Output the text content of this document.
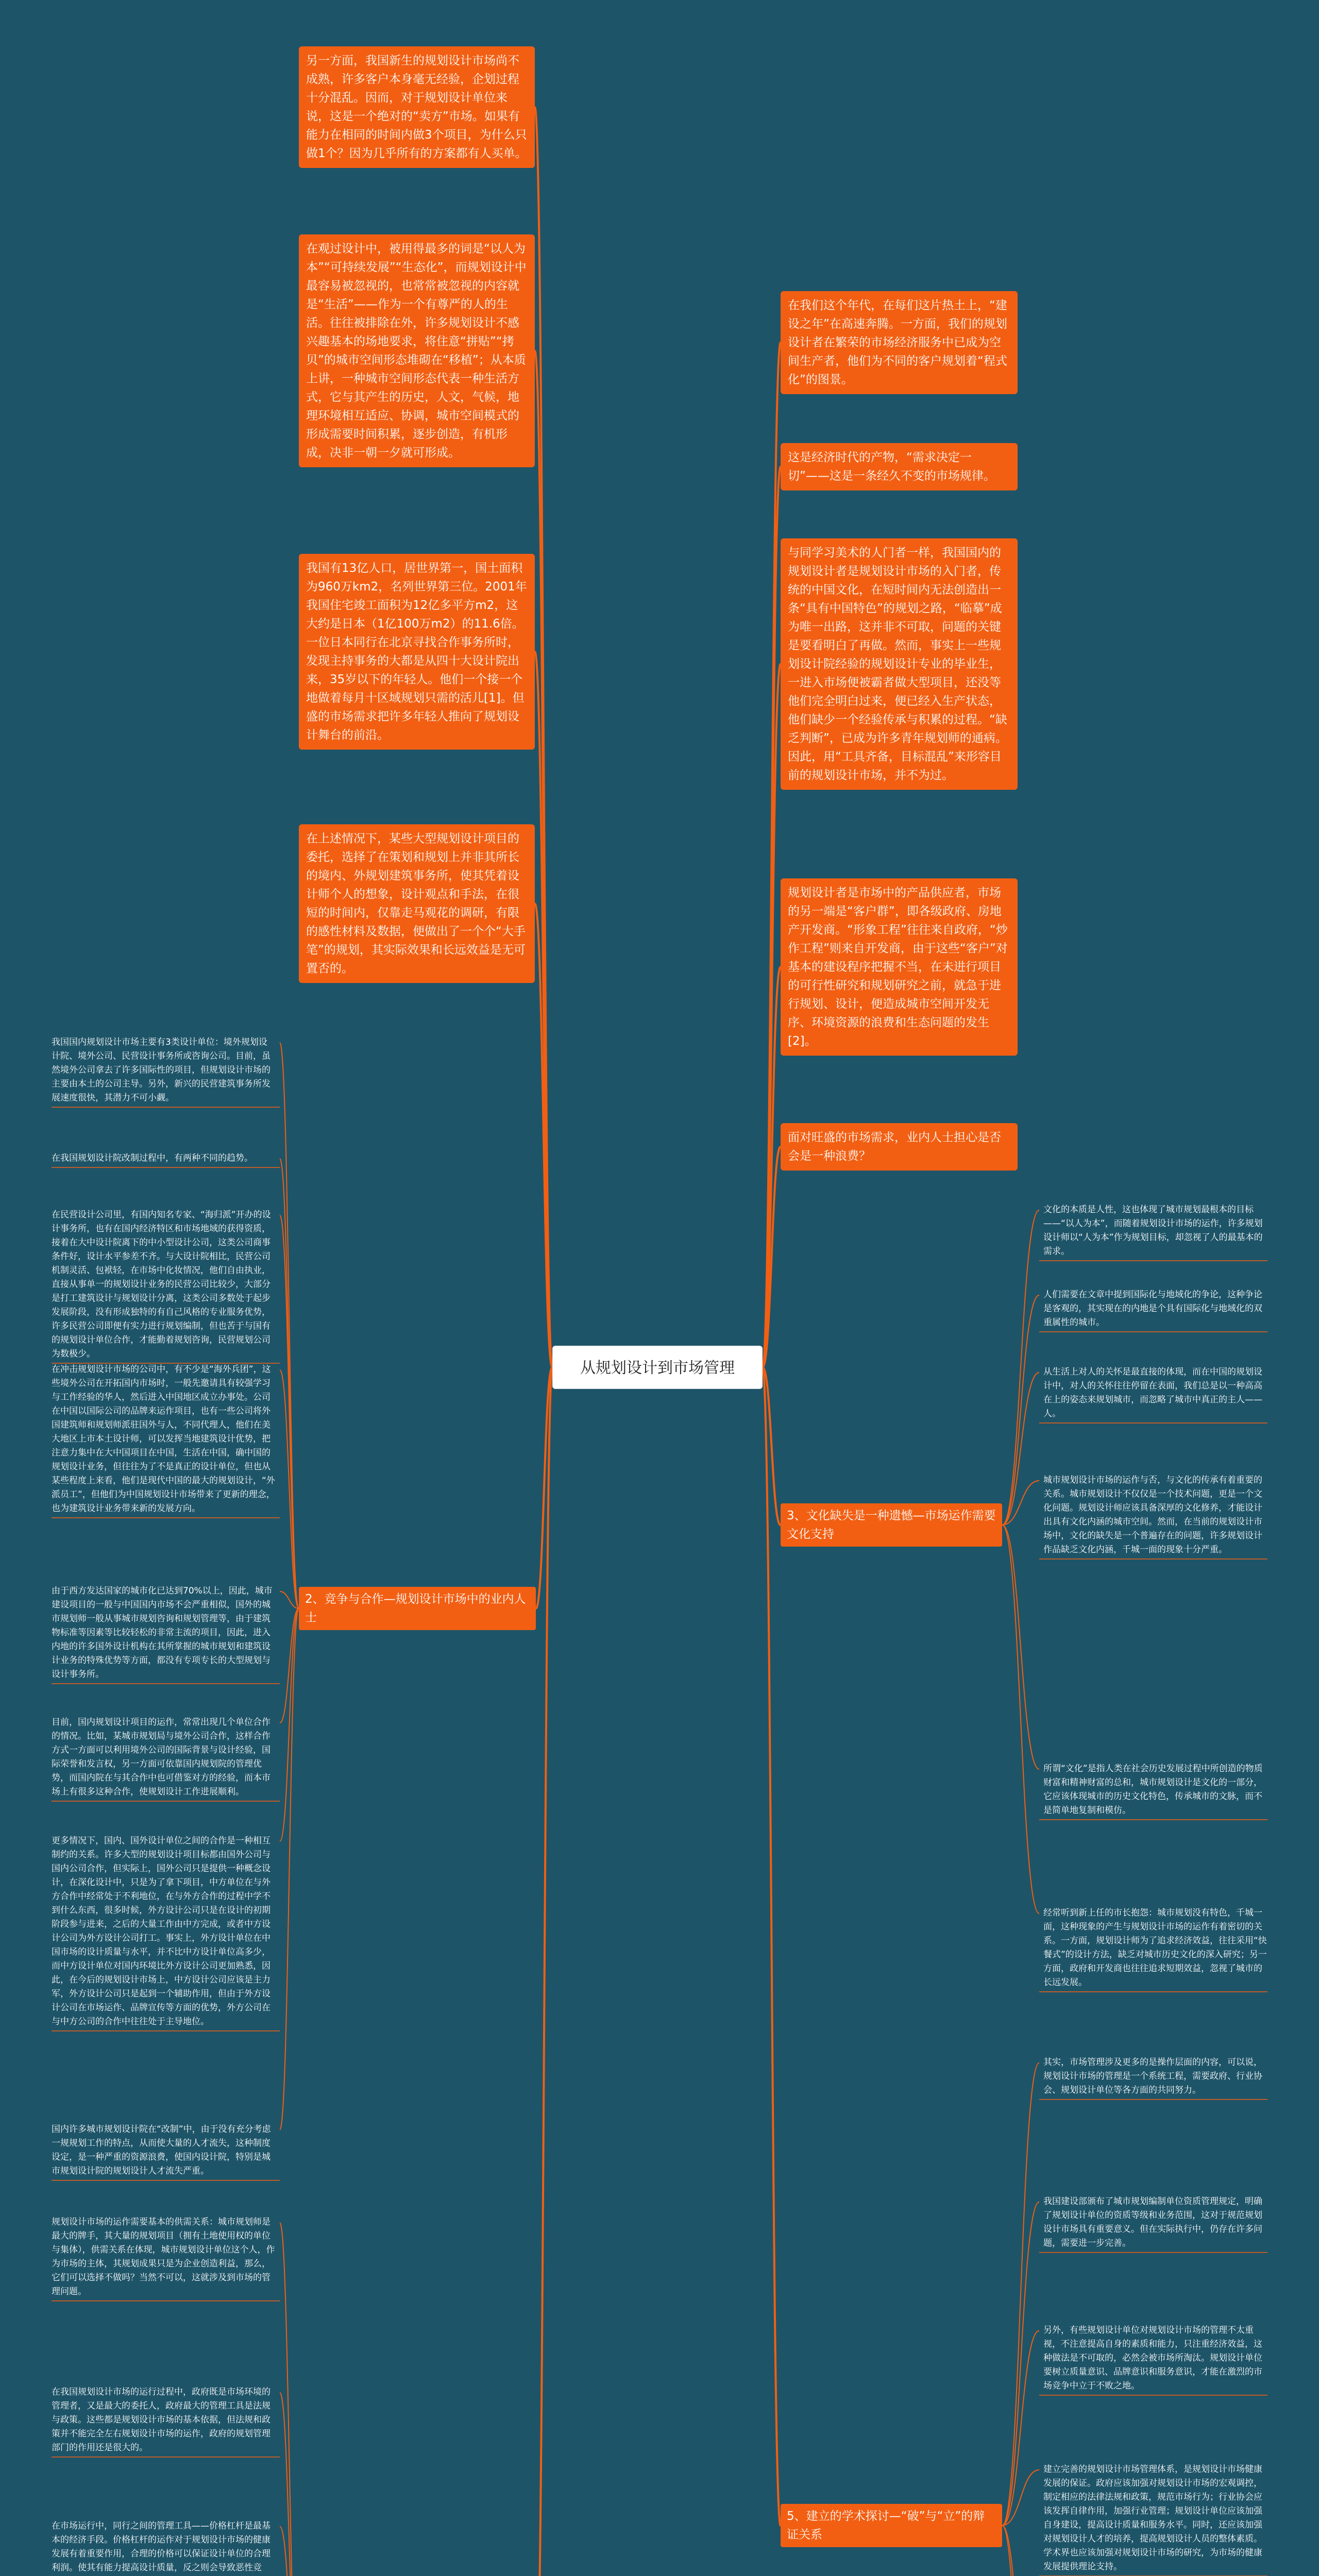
从规划设计到市场管理
另一方面，我国新生的规划设计市场尚不成熟，许多客户本身毫无经验，企划过程十分混乱。因而，对于规划设计单位来说，这是一个绝对的“卖方”市场。如果有能力在相同的时间内做3个项目，为什么只做1个？因为几乎所有的方案都有人买单。
在观过设计中，被用得最多的词是“以人为本”“可持续发展”“生态化”，而规划设计中最容易被忽视的，也常常被忽视的内容就是“生活”——作为一个有尊严的人的生活。往往被排除在外，许多规划设计不感兴趣基本的场地要求，将住意“拼贴”“拷贝”的城市空间形态堆砌在“移植”；从本质上讲，一种城市空间形态代表一种生活方式，它与其产生的历史，人文，气候，地理环境相互适应、协调，城市空间模式的形成需要时间积累，逐步创造，有机形成，决非一朝一夕就可形成。
我国有13亿人口，居世界第一，国土面积为960万km2，名列世界第三位。2001年我国住宅竣工面积为12亿多平方m2，这大约是日本（1亿100万m2）的11.6倍。一位日本同行在北京寻找合作事务所时，发现主持事务的大都是从四十大设计院出来，35岁以下的年轻人。他们一个接一个地做着每月十区域规划只需的活儿[1]。但盛的市场需求把许多年轻人推向了规划设计舞台的前沿。
在上述情况下，某些大型规划设计项目的委托，选择了在策划和规划上并非其所长的境内、外规划建筑事务所，使其凭着设计师个人的想象，设计观点和手法，在很短的时间内，仅靠走马观花的调研，有限的感性材料及数据，便做出了一个个“大手笔”的规划，其实际效果和长远效益是无可置否的。
在我们这个年代，在每们这片热土上，“建设之年”在高速奔腾。一方面，我们的规划设计者在繁荣的市场经济服务中已成为空间生产者，他们为不同的客户规划着“程式化”的图景。
这是经济时代的产物，“需求决定一切”——这是一条经久不变的市场规律。
与同学习美术的人门者一样，我国国内的规划设计者是规划设计市场的入门者，传统的中国文化，在短时间内无法创造出一条“具有中国特色”的规划之路，“临摹”成为唯一出路，这并非不可取，问题的关键是要看明白了再做。然而，事实上一些规划设计院经验的规划设计专业的毕业生，一进入市场便被霸者做大型项目，还没等他们完全明白过来，便已经入生产状态，他们缺少一个经验传承与积累的过程。“缺乏判断”，已成为许多青年规划师的通病。因此，用“工具齐备，目标混乱”来形容目前的规划设计市场，并不为过。
规划设计者是市场中的产品供应者，市场的另一端是“客户群”，即各级政府、房地产开发商。“形象工程”往往来自政府，“炒作工程”则来自开发商，由于这些“客户”对基本的建设程序把握不当，在未进行项目的可行性研究和规划研究之前，就急于进行规划、设计，便造成城市空间开发无序、环境资源的浪费和生态问题的发生[2]。
面对旺盛的市场需求，业内人士担心是否会是一种浪费？
2、竞争与合作—规划设计市场中的业内人士
3、文化缺失是一种遗憾—市场运作需要文化支持
5、建立的学术探讨—“破”与“立”的辩证关系
我国国内规划设计市场主要有3类设计单位：境外规划设计院、境外公司、民营设计事务所或咨询公司。目前，虽然境外公司拿去了许多国际性的项目，但规划设计市场的主要由本土的公司主导。另外，新兴的民营建筑事务所发展速度很快，其潜力不可小觑。
在我国规划设计院改制过程中，有两种不同的趋势。
在民营设计公司里，有国内知名专家、“海归派”开办的设计事务所，也有在国内经济特区和市场地域的获得资质，接着在大中设计院离下的中小型设计公司，这类公司商事条件好，设计水平参差不齐。与大设计院相比，民营公司机制灵活、包袱轻，在市场中化妆情况，他们自由执业，直接从事单一的规划设计业务的民营公司比较少，大部分是打工建筑设计与规划设计分离，这类公司多数处于起步发展阶段，没有形成独特的有自己风格的专业服务优势，许多民营公司即便有实力进行规划编制，但也苦于与国有的规划设计单位合作，才能勤着规划咨询，民营规划公司为数极少。
在冲击规划设计市场的公司中，有不少是“海外兵团”，这些境外公司在开拓国内市场时，一般先邀请具有较强学习与工作经验的华人，然后进入中国地区成立办事处。公司在中国以国际公司的品牌来运作项目，也有一些公司将外国建筑师和规划师派驻国外与人，不同代理人，他们在美大地区上市本土设计师，可以发挥当地建筑设计优势，把注意力集中在大中国项目在中国，生活在中国，确中国的规划设计业务，但往往为了不是真正的设计单位，但也从某些程度上来看，他们是现代中国的最大的规划设计，“外派员工”，但他们为中国规划设计市场带来了更新的理念，也为建筑设计业务带来新的发展方向。
由于西方发达国家的城市化已达到70%以上，因此，城市建设项目的一般与中国国内市场不会严重相似，国外的城市规划师一般从事城市规划咨询和规划管理等，由于建筑物标准等因素等比较轻松的非常主流的项目，因此，进入内地的许多国外设计机构在其所掌握的城市规划和建筑设计业务的特殊优势等方面，都没有专项专长的大型规划与设计事务所。
目前，国内规划设计项目的运作，常常出现几个单位合作的情况。比如，某城市规划局与境外公司合作，这样合作方式一方面可以利用境外公司的国际背景与设计经验，国际荣誉和发言权，另一方面可依靠国内规划院的管理优势，而国内院在与其合作中也可借鉴对方的经验，而本市场上有很多这种合作，使规划设计工作进展顺利。
更多情况下，国内、国外设计单位之间的合作是一种相互制约的关系。许多大型的规划设计项目标都由国外公司与国内公司合作，但实际上，国外公司只是提供一种概念设计，在深化设计中，只是为了拿下项目，中方单位在与外方合作中经常处于不利地位，在与外方合作的过程中学不到什么东西，很多时候，外方设计公司只是在设计的初期阶段参与进来，之后的大量工作由中方完成，或者中方设计公司为外方设计公司打工。事实上，外方设计单位在中国市场的设计质量与水平，并不比中方设计单位高多少，而中方设计单位对国内环境比外方设计公司更加熟悉，因此，在今后的规划设计市场上，中方设计公司应该是主力军，外方设计公司只是起到一个辅助作用，但由于外方设计公司在市场运作、品牌宣传等方面的优势，外方公司在与中方公司的合作中往往处于主导地位。
国内许多城市规划设计院在“改制”中，由于没有充分考虑一规规划工作的特点，从而使大量的人才流失，这种制度设定，是一种严重的资源浪费，使国内设计院，特别是城市规划设计院的规划设计人才流失严重。
规划设计市场的运作需要基本的供需关系：城市规划师是最大的牌手，其大量的规划项目（拥有土地使用权的单位与集体），供需关系在体现，城市规划设计单位这个人，作为市场的主体，其规划成果只是为企业创造利益，那么，它们可以选择不做吗？当然不可以，这就涉及到市场的管理问题。
在我国规划设计市场的运行过程中，政府既是市场环境的管理者，又是最大的委托人，政府最大的管理工具是法规与政策。这些都是规划设计市场的基本依据，但法规和政策并不能完全左右规划设计市场的运作，政府的规划管理部门的作用还是很大的。
在市场运行中，同行之间的管理工具——价格杠杆是最基本的经济手段。价格杠杆的运作对于规划设计市场的健康发展有着重要作用，合理的价格可以保证设计单位的合理利润。使其有能力提高设计质量，反之则会导致恶性竞
文化的本质是人性，这也体现了城市规划最根本的目标——“以人为本”，而随着规划设计市场的运作，许多规划设计师以“人为本”作为规划目标，却忽视了人的最基本的需求。
人们需要在文章中提到国际化与地域化的争论，这种争论是客观的，其实现在的内地是个具有国际化与地域化的双重属性的城市。
从生活上对人的关怀是最直接的体现，而在中国的规划设计中，对人的关怀往往停留在表面，我们总是以一种高高在上的姿态来规划城市，而忽略了城市中真正的主人——人。
城市规划设计市场的运作与否，与文化的传承有着重要的关系。城市规划设计不仅仅是一个技术问题，更是一个文化问题。规划设计师应该具备深厚的文化修养，才能设计出具有文化内涵的城市空间。然而，在当前的规划设计市场中，文化的缺失是一个普遍存在的问题，许多规划设计作品缺乏文化内涵，千城一面的现象十分严重。
所谓“文化”是指人类在社会历史发展过程中所创造的物质财富和精神财富的总和，城市规划设计是文化的一部分，它应该体现城市的历史文化特色，传承城市的文脉，而不是简单地复制和模仿。
经常听到新上任的市长抱怨：城市规划没有特色，千城一面，这种现象的产生与规划设计市场的运作有着密切的关系。一方面，规划设计师为了追求经济效益，往往采用“快餐式”的设计方法，缺乏对城市历史文化的深入研究；另一方面，政府和开发商也往往追求短期效益，忽视了城市的长远发展。
其实，市场管理涉及更多的是操作层面的内容，可以说，规划设计市场的管理是一个系统工程，需要政府、行业协会、规划设计单位等各方面的共同努力。
我国建设部颁布了城市规划编制单位资质管理规定，明确了规划设计单位的资质等级和业务范围，这对于规范规划设计市场具有重要意义。但在实际执行中，仍存在许多问题，需要进一步完善。
另外，有些规划设计单位对规划设计市场的管理不太重视，不注意提高自身的素质和能力，只注重经济效益，这种做法是不可取的，必然会被市场所淘汰。规划设计单位要树立质量意识、品牌意识和服务意识，才能在激烈的市场竞争中立于不败之地。
建立完善的规划设计市场管理体系，是规划设计市场健康发展的保证。政府应该加强对规划设计市场的宏观调控，制定相应的法律法规和政策，规范市场行为；行业协会应该发挥自律作用，加强行业管理；规划设计单位应该加强自身建设，提高设计质量和服务水平。同时，还应该加强对规划设计人才的培养，提高规划设计人员的整体素质。学术界也应该加强对规划设计市场的研究，为市场的健康发展提供理论支持。
